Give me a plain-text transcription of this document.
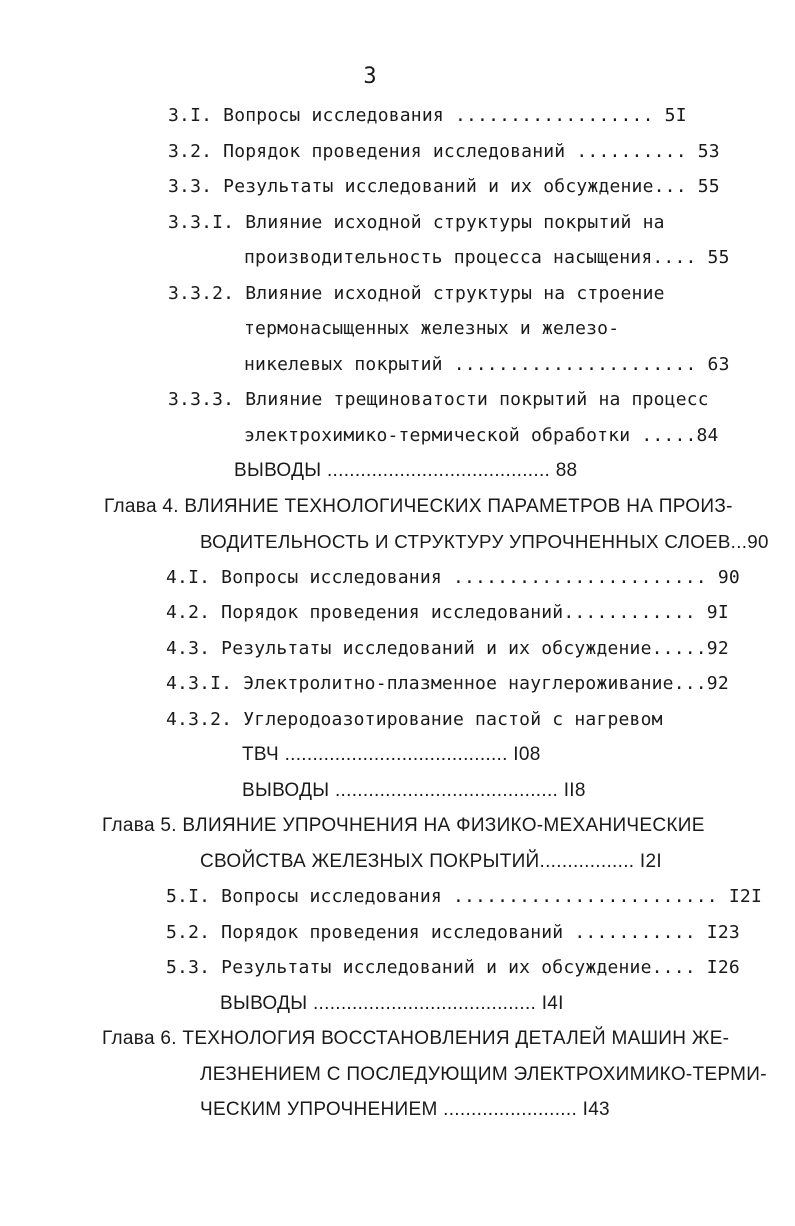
3
3.I. Вопросы исследования .................. 5I
3.2. Порядок проведения исследований .......... 53
3.3. Результаты исследований и их обсуждение... 55
3.3.I. Влияние исходной структуры покрытий на
производительность процесса насыщения.... 55
3.3.2. Влияние исходной структуры на строение
термонасыщенных железных и железо-
никелевых покрытий ...................... 63
3.3.3. Влияние трещиноватости покрытий на процесс
электрохимико-термической обработки .....84
ВЫВОДЫ ........................................ 88
Глава 4. ВЛИЯНИЕ ТЕХНОЛОГИЧЕСКИХ ПАРАМЕТРОВ НА ПРОИЗ-
ВОДИТЕЛЬНОСТЬ И СТРУКТУРУ УПРОЧНЕННЫХ СЛОЕВ...90
4.I. Вопросы исследования ....................... 90
4.2. Порядок проведения исследований............ 9I
4.3. Результаты исследований и их обсуждение.....92
4.3.I. Электролитно-плазменное науглероживание...92
4.3.2. Углеродоазотирование пастой с нагревом
ТВЧ ........................................ I08
ВЫВОДЫ ........................................ II8
Глава 5. ВЛИЯНИЕ УПРОЧНЕНИЯ НА ФИЗИКО-МЕХАНИЧЕСКИЕ
СВОЙСТВА ЖЕЛЕЗНЫХ ПОКРЫТИЙ................. I2I
5.I. Вопросы исследования ........................ I2I
5.2. Порядок проведения исследований ........... I23
5.3. Результаты исследований и их обсуждение.... I26
ВЫВОДЫ ........................................ I4I
Глава 6. ТЕХНОЛОГИЯ ВОССТАНОВЛЕНИЯ ДЕТАЛЕЙ МАШИН ЖЕ-
ЛЕЗНЕНИЕМ С ПОСЛЕДУЮЩИМ ЭЛЕКТРОХИМИКО-ТЕРМИ-
ЧЕСКИМ УПРОЧНЕНИЕМ ........................ I43
